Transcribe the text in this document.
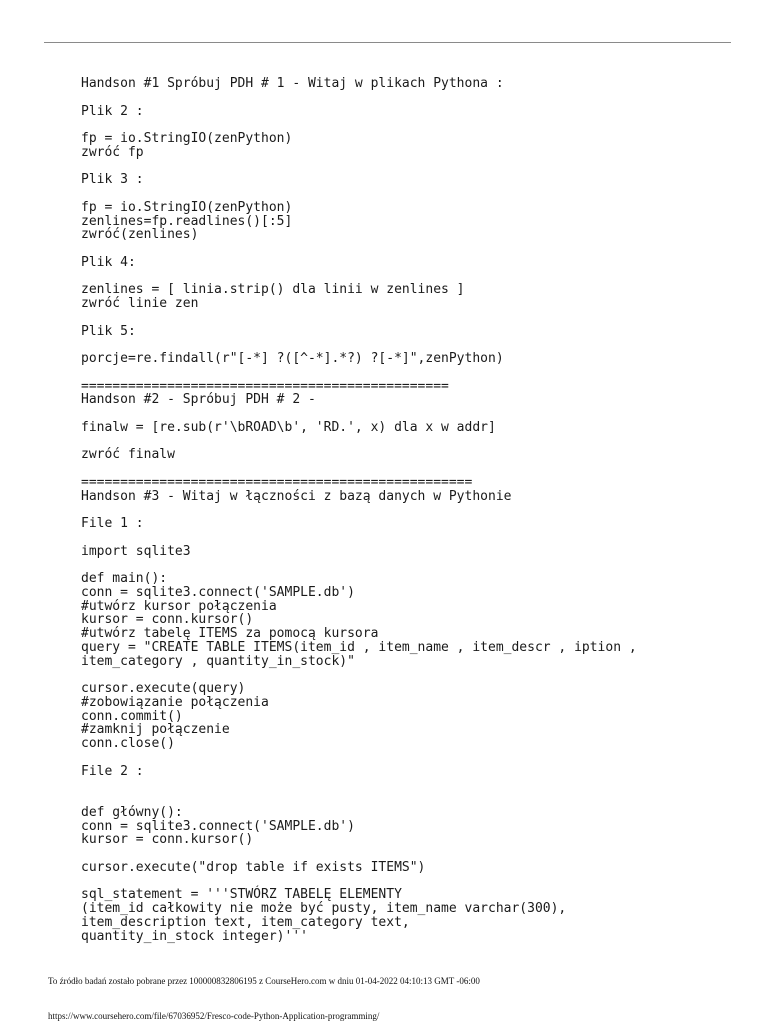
Handson #1 Spróbuj PDH # 1 - Witaj w plikach Pythona :
Plik 2 :
fp = io.StringIO(zenPython)
zwróć fp
Plik 3 :
fp = io.StringIO(zenPython)
zenlines=fp.readlines()[:5]
zwróć(zenlines)
Plik 4:
zenlines = [ linia.strip() dla linii w zenlines ]
zwróć linie zen
Plik 5:
porcje=re.findall(r"[-*] ?([^-*].*?) ?[-*]",zenPython)
===============================================
Handson #2 - Spróbuj PDH # 2 -
finalw = [re.sub(r'\bROAD\b', 'RD.', x) dla x w addr]
zwróć finalw
==================================================
Handson #3 - Witaj w łączności z bazą danych w Pythonie
File 1 :
import sqlite3
def main():
conn = sqlite3.connect('SAMPLE.db')
#utwórz kursor połączenia
kursor = conn.kursor()
#utwórz tabelę ITEMS za pomocą kursora
query = "CREATE TABLE ITEMS(item_id , item_name , item_descr , iption ,
item_category , quantity_in_stock)"
cursor.execute(query)
#zobowiązanie połączenia
conn.commit()
#zamknij połączenie
conn.close()
File 2 :
def główny():
conn = sqlite3.connect('SAMPLE.db')
kursor = conn.kursor()
cursor.execute("drop table if exists ITEMS")
sql_statement = '''STWÓRZ TABELĘ ELEMENTY
(item_id całkowity nie może być pusty, item_name varchar(300),
item_description text, item_category text,
quantity_in_stock integer)'''
To źródło badań zostało pobrane przez 100000832806195 z CourseHero.com w dniu 01-04-2022 04:10:13 GMT -06:00
https://www.coursehero.com/file/67036952/Fresco-code-Python-Application-programming/
